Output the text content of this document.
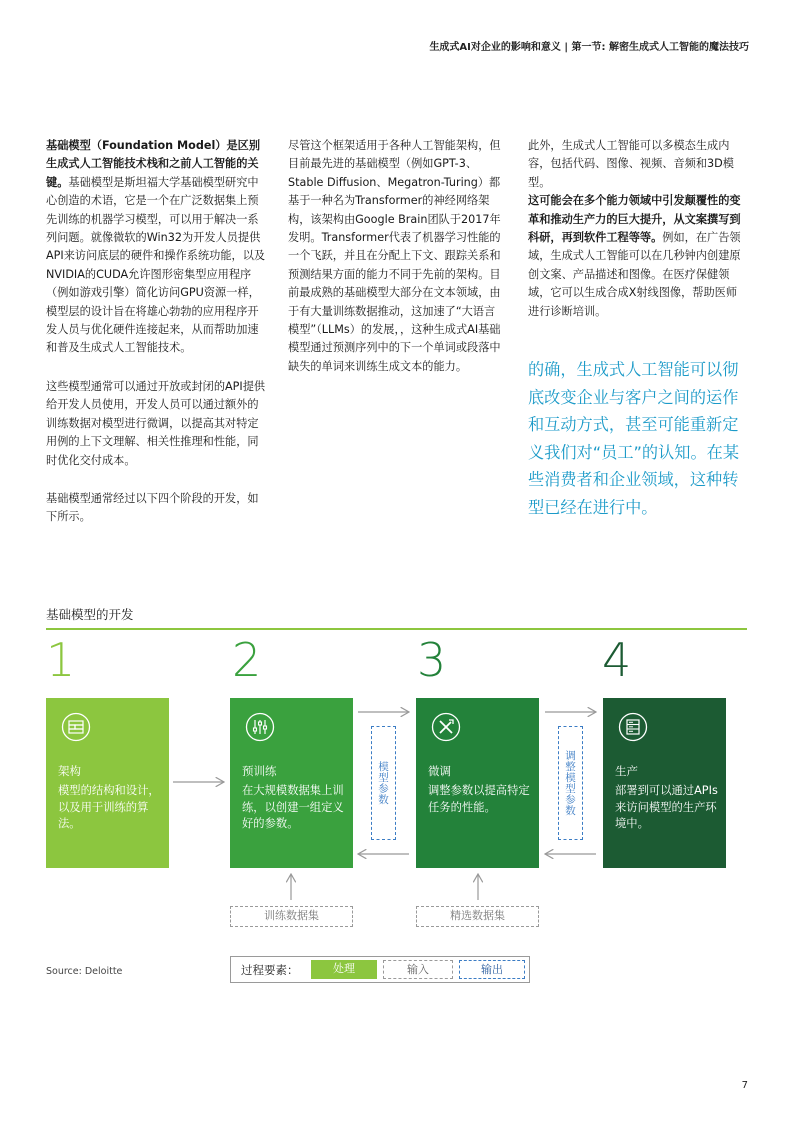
生成式AI对企业的影响和意义 | 第一节: 解密生成式人工智能的魔法技巧

基础模型（Foundation Model）是区别生成式人工智能技术栈和之前人工智能的关键。基础模型是斯坦福大学基础模型研究中心创造的术语，它是一个在广泛数据集上预先训练的机器学习模型，可以用于解决一系列问题。就像微软的Win32为开发人员提供API来访问底层的硬件和操作系统功能，以及NVIDIA的CUDA允许图形密集型应用程序（例如游戏引擎）简化访问GPU资源一样，模型层的设计旨在将雄心勃勃的应用程序开发人员与优化硬件连接起来，从而帮助加速和普及生成式人工智能技术。

这些模型通常可以通过开放或封闭的API提供给开发人员使用，开发人员可以通过额外的训练数据对模型进行微调，以提高其对特定用例的上下文理解、相关性推理和性能，同时优化交付成本。

基础模型通常经过以下四个阶段的开发，如下所示。

尽管这个框架适用于各种人工智能架构，但目前最先进的基础模型（例如GPT-3、Stable Diffusion、Megatron-Turing）都基于一种名为Transformer的神经网络架构，该架构由Google Brain团队于2017年发明。Transformer代表了机器学习性能的一个飞跃，并且在分配上下文、跟踪关系和预测结果方面的能力不同于先前的架构。目前最成熟的基础模型大部分在文本领域，由于有大量训练数据推动，这加速了“大语言模型”（LLMs）的发展，，这种生成式AI基础模型通过预测序列中的下一个单词或段落中缺失的单词来训练生成文本的能力。

此外，生成式人工智能可以多模态生成内容，包括代码、图像、视频、音频和3D模型。

这可能会在多个能力领域中引发颠覆性的变革和推动生产力的巨大提升，从文案撰写到科研，再到软件工程等等。例如，在广告领域，生成式人工智能可以在几秒钟内创建原创文案、产品描述和图像。在医疗保健领域，它可以生成合成X射线图像，帮助医师进行诊断培训。

的确，生成式人工智能可以彻底改变企业与客户之间的运作和互动方式，甚至可能重新定义我们对“员工”的认知。在某些消费者和企业领域，这种转型已经在进行中。
基础模型的开发
1	2	3	4
架构
模型的结构和设计，以及用于训练的算法。
预训练
在大规模数据集上训练，以创建一组定义好的参数。
微调
调整参数以提高特定任务的性能。
生产
部署到可以通过APIs来访问模型的生产环境中。
模型参数	调整模型参数
训练数据集	精选数据集
Source: Deloitte	过程要素：	处理	输入	输出
7
